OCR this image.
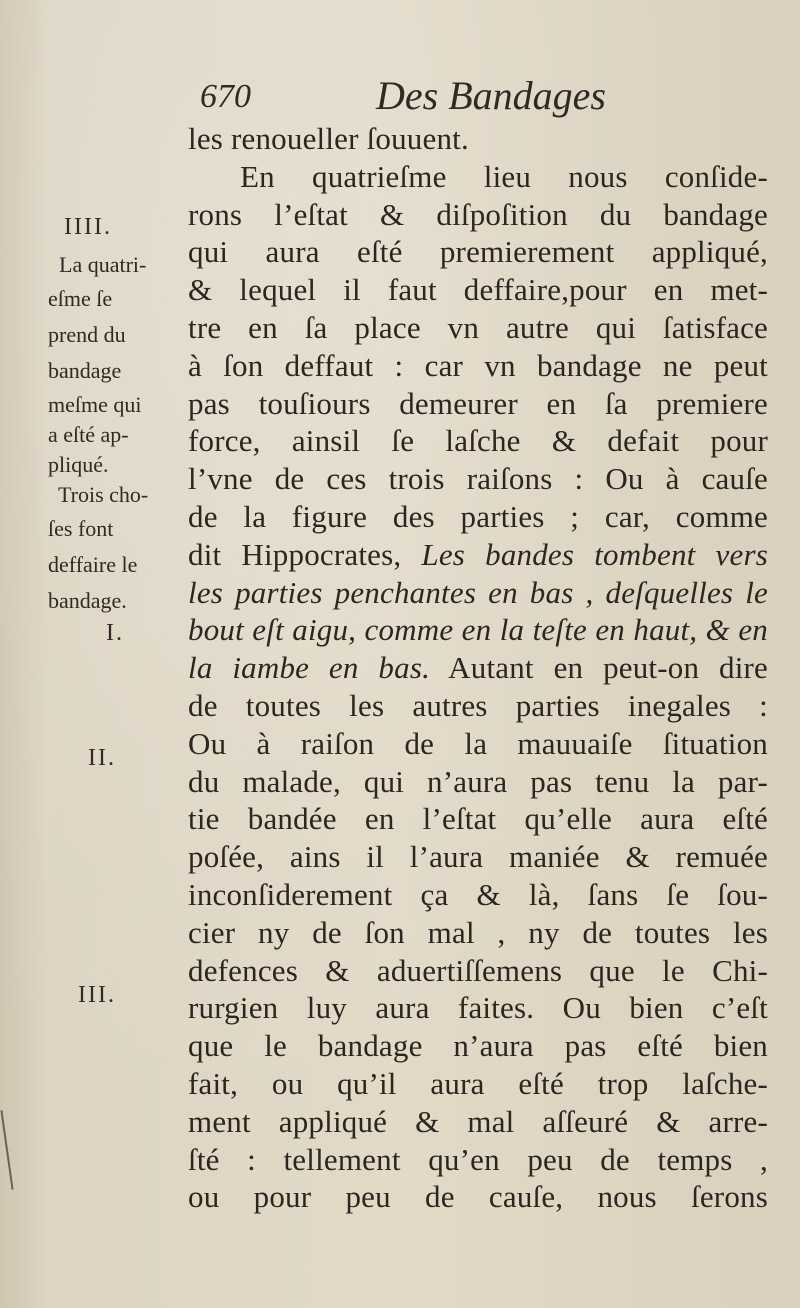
670	Des Bandages
IIII.
La quatri-
eſme ſe
prend du
bandage
meſme qui
a eſté ap-
pliqué.
Trois cho-
ſes font
deffaire le
bandage.
I.
II.
III.
les renoueller ſouuent.
En quatrieſme lieu nous conſide-
rons l’eſtat & diſpoſition du bandage
qui aura eſté premierement appliqué,
& lequel il faut deffaire,pour en met-
tre en ſa place vn autre qui ſatisface
à ſon deffaut : car vn bandage ne peut
pas touſiours demeurer en ſa premiere
force, ainsil ſe laſche & defait pour
l’vne de ces trois raiſons : Ou à cauſe
de la figure des parties ; car, comme
dit Hippocrates, Les bandes tombent vers
les parties penchantes en bas , deſquelles le
bout eſt aigu, comme en la teſte en haut, & en
la iambe en bas. Autant en peut-on dire
de toutes les autres parties inegales :
Ou à raiſon de la mauuaiſe ſituation
du malade, qui n’aura pas tenu la par-
tie bandée en l’eſtat qu’elle aura eſté
poſée, ains il l’aura maniée & remuée
inconſiderement ça & là, ſans ſe ſou-
cier ny de ſon mal , ny de toutes les
defences & aduertiſſemens que le Chi-
rurgien luy aura faites. Ou bien c’eſt
que le bandage n’aura pas eſté bien
fait, ou qu’il aura eſté trop laſche-
ment appliqué & mal aſſeuré & arre-
ſté : tellement qu’en peu de temps ,
ou pour peu de cauſe, nous ſerons
